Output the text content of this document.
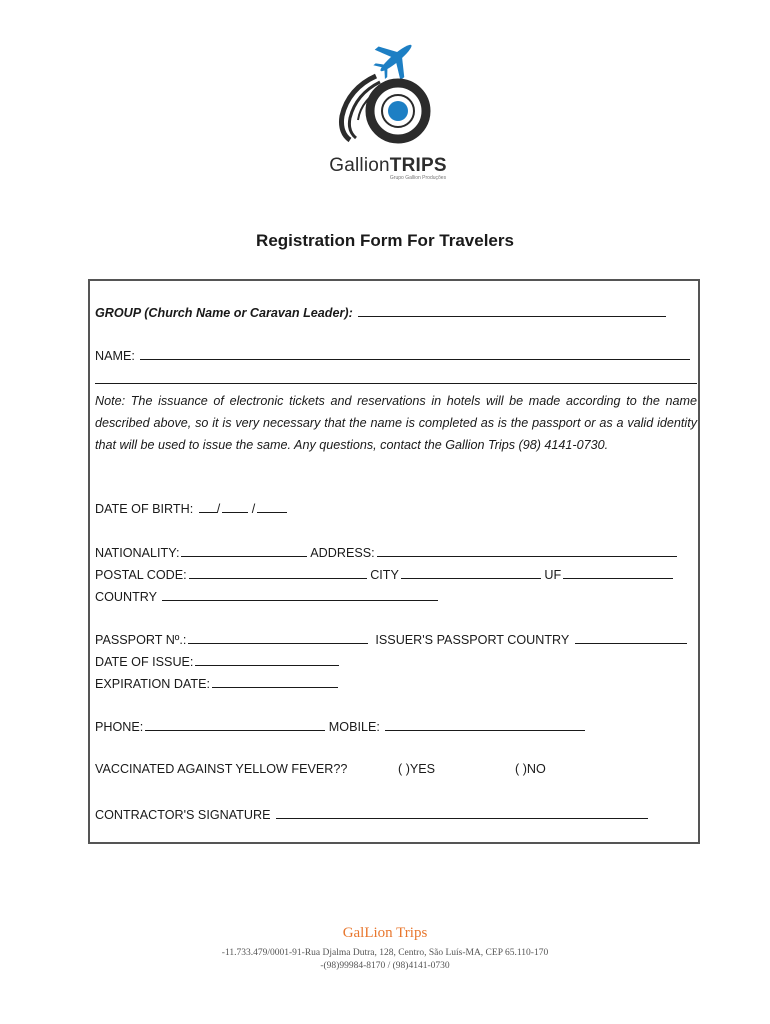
GallionTRIPS
Grupo Gallion Produções
Registration Form For Travelers
GROUP (Church Name or Caravan Leader):
NAME:
Note: The issuance of electronic tickets and reservations in hotels will be made according to the name described above, so it is very necessary that the name is completed as is the passport or as a valid identity that will be used to issue the same. Any questions, contact the Gallion Trips (98) 4141-0730.
DATE OF BIRTH: /	/
NATIONALITY:	ADDRESS:
POSTAL CODE:	CITY	UF
COUNTRY
PASSPORT Nº.:	ISSUER'S PASSPORT COUNTRY
DATE OF ISSUE:
EXPIRATION DATE:
PHONE:	MOBILE:
VACCINATED AGAINST YELLOW FEVER??	( )YES	( )NO
CONTRACTOR'S SIGNATURE
GalLion Trips
-11.733.479/0001-91-Rua Djalma Dutra, 128, Centro, São Luís-MA, CEP 65.110-170
-(98)99984-8170 / (98)4141-0730
